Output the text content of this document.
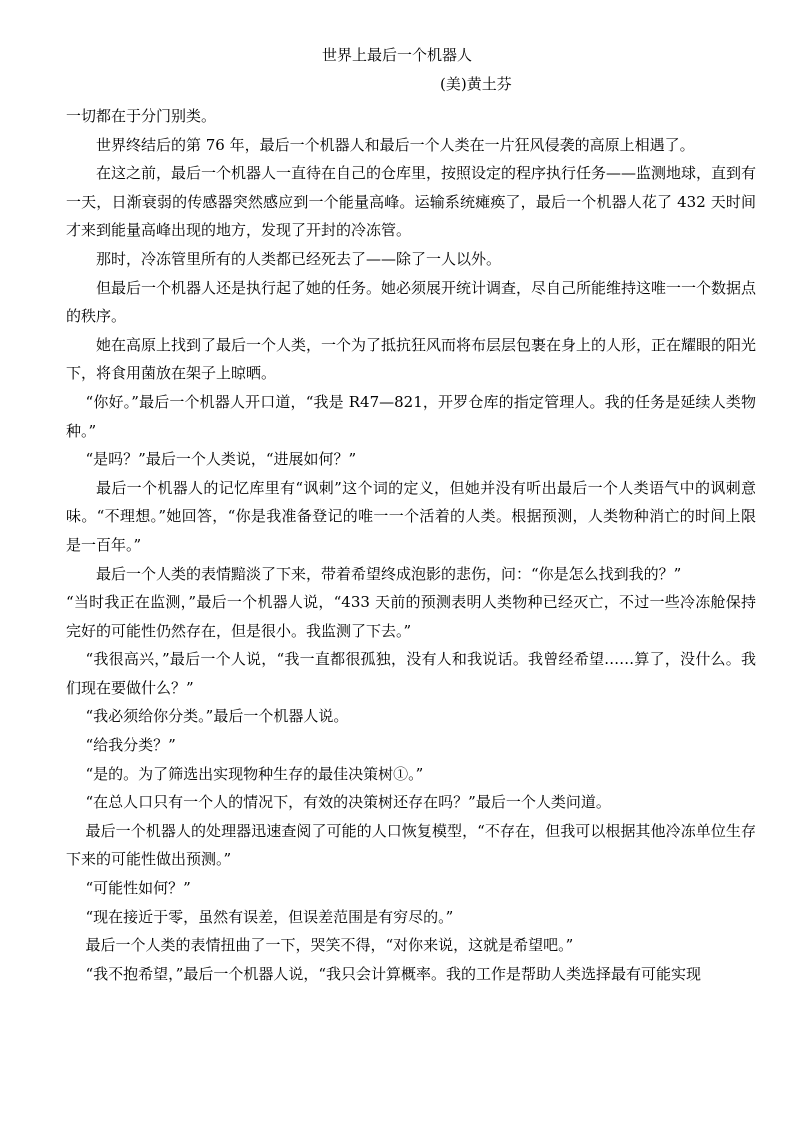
世界上最后一个机器人
(美)黄土芬

一切都在于分门别类。

世界终结后的第 76 年，最后一个机器人和最后一个人类在一片狂风侵袭的高原上相遇了。

在这之前，最后一个机器人一直待在自己的仓库里，按照设定的程序执行任务——监测地球，直到有一天，日渐衰弱的传感器突然感应到一个能量高峰。运输系统瘫痪了，最后一个机器人花了 432 天时间才来到能量高峰出现的地方，发现了开封的冷冻管。

那时，冷冻管里所有的人类都已经死去了——除了一人以外。

但最后一个机器人还是执行起了她的任务。她必须展开统计调查，尽自己所能维持这唯一一个数据点的秩序。

她在高原上找到了最后一个人类，一个为了抵抗狂风而将布层层包裹在身上的人形，正在耀眼的阳光下，将食用菌放在架子上晾晒。

“你好。”最后一个机器人开口道，“我是 R47—821，开罗仓库的指定管理人。我的任务是延续人类物种。”

“是吗？”最后一个人类说，“进展如何？”

最后一个机器人的记忆库里有“讽刺”这个词的定义，但她并没有听出最后一个人类语气中的讽刺意味。“不理想。”她回答，“你是我准备登记的唯一一个活着的人类。根据预测，人类物种消亡的时间上限是一百年。”

最后一个人类的表情黯淡了下来，带着希望终成泡影的悲伤，问：“你是怎么找到我的？”

“当时我正在监测，”最后一个机器人说，“433 天前的预测表明人类物种已经灭亡，不过一些冷冻舱保持完好的可能性仍然存在，但是很小。我监测了下去。”

“我很高兴，”最后一个人说，“我一直都很孤独，没有人和我说话。我曾经希望……算了，没什么。我们现在要做什么？”

“我必须给你分类。”最后一个机器人说。

“给我分类？”

“是的。为了筛选出实现物种生存的最佳决策树①。”

“在总人口只有一个人的情况下，有效的决策树还存在吗？”最后一个人类问道。

最后一个机器人的处理器迅速查阅了可能的人口恢复模型，“不存在，但我可以根据其他冷冻单位生存下来的可能性做出预测。”

“可能性如何？”

“现在接近于零，虽然有误差，但误差范围是有穷尽的。”

最后一个人类的表情扭曲了一下，哭笑不得，“对你来说，这就是希望吧。”

“我不抱希望，”最后一个机器人说，“我只会计算概率。我的工作是帮助人类选择最有可能实现
